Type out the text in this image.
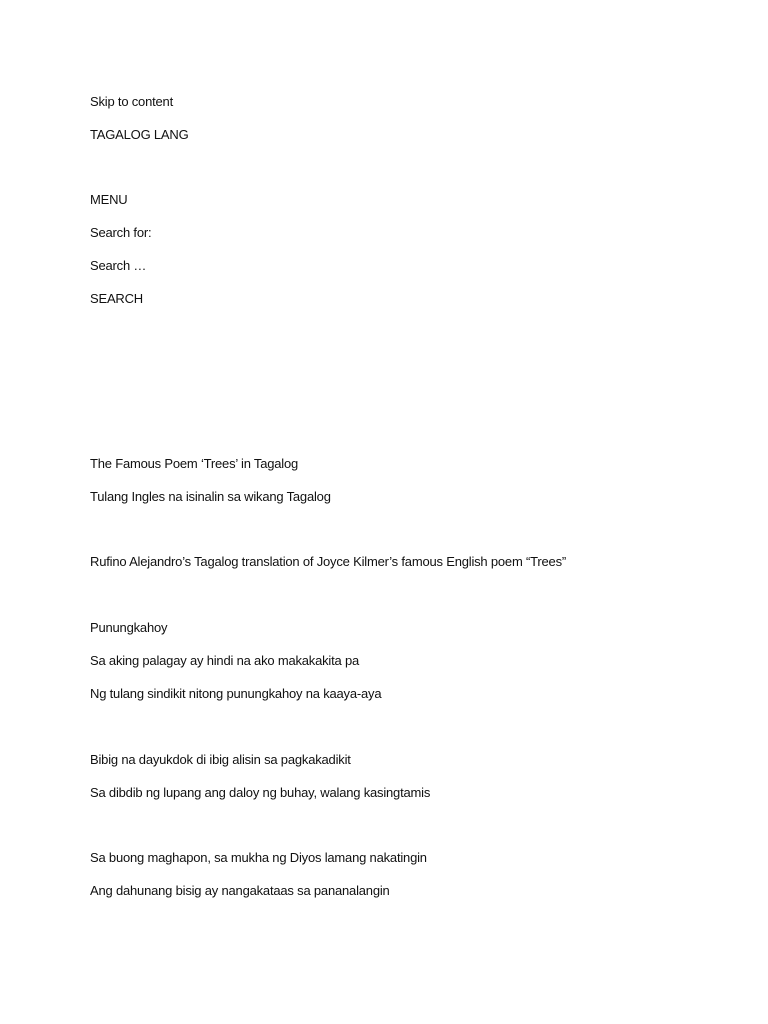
Skip to content
TAGALOG LANG
MENU
Search for:
Search …
SEARCH
The Famous Poem ‘Trees’ in Tagalog
Tulang Ingles na isinalin sa wikang Tagalog
Rufino Alejandro’s Tagalog translation of Joyce Kilmer’s famous English poem “Trees”
Punungkahoy
Sa aking palagay ay hindi na ako makakakita pa
Ng tulang sindikit nitong punungkahoy na kaaya-aya
Bibig na dayukdok di ibig alisin sa pagkakadikit
Sa dibdib ng lupang ang daloy ng buhay, walang kasingtamis
Sa buong maghapon, sa mukha ng Diyos lamang nakatingin
Ang dahunang bisig ay nangakataas sa pananalangin
